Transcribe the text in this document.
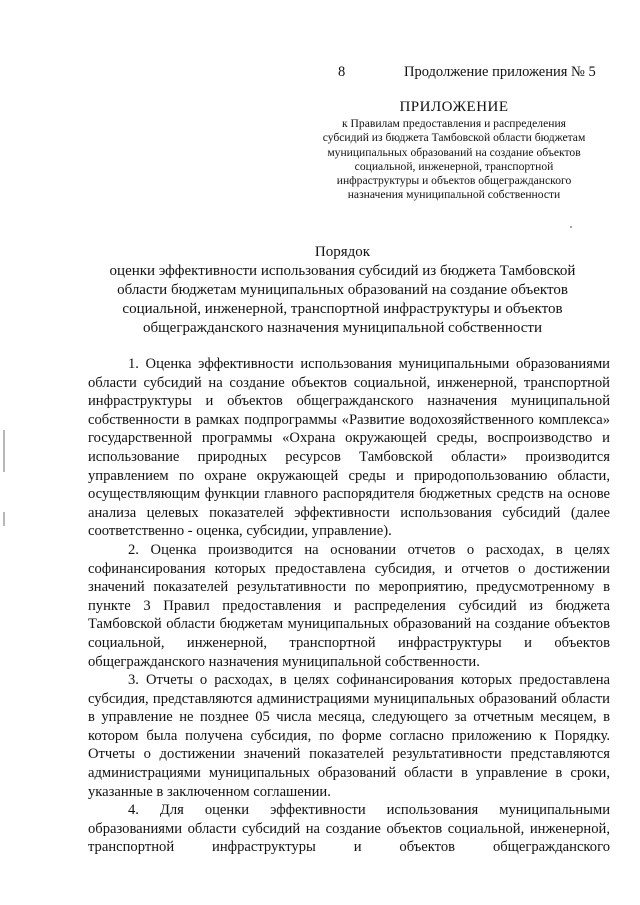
8	Продолжение приложения № 5
ПРИЛОЖЕНИЕ
к Правилам предоставления и распределения
субсидий из бюджета Тамбовской области бюджетам
муниципальных образований на создание объектов
социальной, инженерной, транспортной
инфраструктуры и объектов общегражданского
назначения муниципальной собственности
Порядок
оценки эффективности использования субсидий из бюджета Тамбовской
области бюджетам муниципальных образований на создание объектов
социальной, инженерной, транспортной инфраструктуры и объектов
общегражданского назначения муниципальной собственности

1. Оценка эффективности использования муниципальными образованиями области субсидий на создание объектов социальной, инженерной, транспортной инфраструктуры и объектов общегражданского назначения муниципальной собственности в рамках подпрограммы «Развитие водохозяйственного комплекса» государственной программы «Охрана окружающей среды, воспроизводство и использование природных ресурсов Тамбовской области» производится управлением по охране окружающей среды и природопользованию области, осуществляющим функции главного распорядителя бюджетных средств на основе анализа целевых показателей эффективности использования субсидий (далее соответственно - оценка, субсидии, управление).

2. Оценка производится на основании отчетов о расходах, в целях софинансирования которых предоставлена субсидия, и отчетов о достижении значений показателей результативности по мероприятию, предусмотренному в пункте 3 Правил предоставления и распределения субсидий из бюджета Тамбовской области бюджетам муниципальных образований на создание объектов социальной, инженерной, транспортной инфраструктуры и объектов общегражданского назначения муниципальной собственности.

3. Отчеты о расходах, в целях софинансирования которых предоставлена субсидия, представляются администрациями муниципальных образований области в управление не позднее 05 числа месяца, следующего за отчетным месяцем, в котором была получена субсидия, по форме согласно приложению к Порядку. Отчеты о достижении значений показателей результативности представляются администрациями муниципальных образований области в управление в сроки, указанные в заключенном соглашении.

4. Для оценки эффективности использования муниципальными образованиями области субсидий на создание объектов социальной, инженерной, транспортной инфраструктуры и объектов общегражданского
